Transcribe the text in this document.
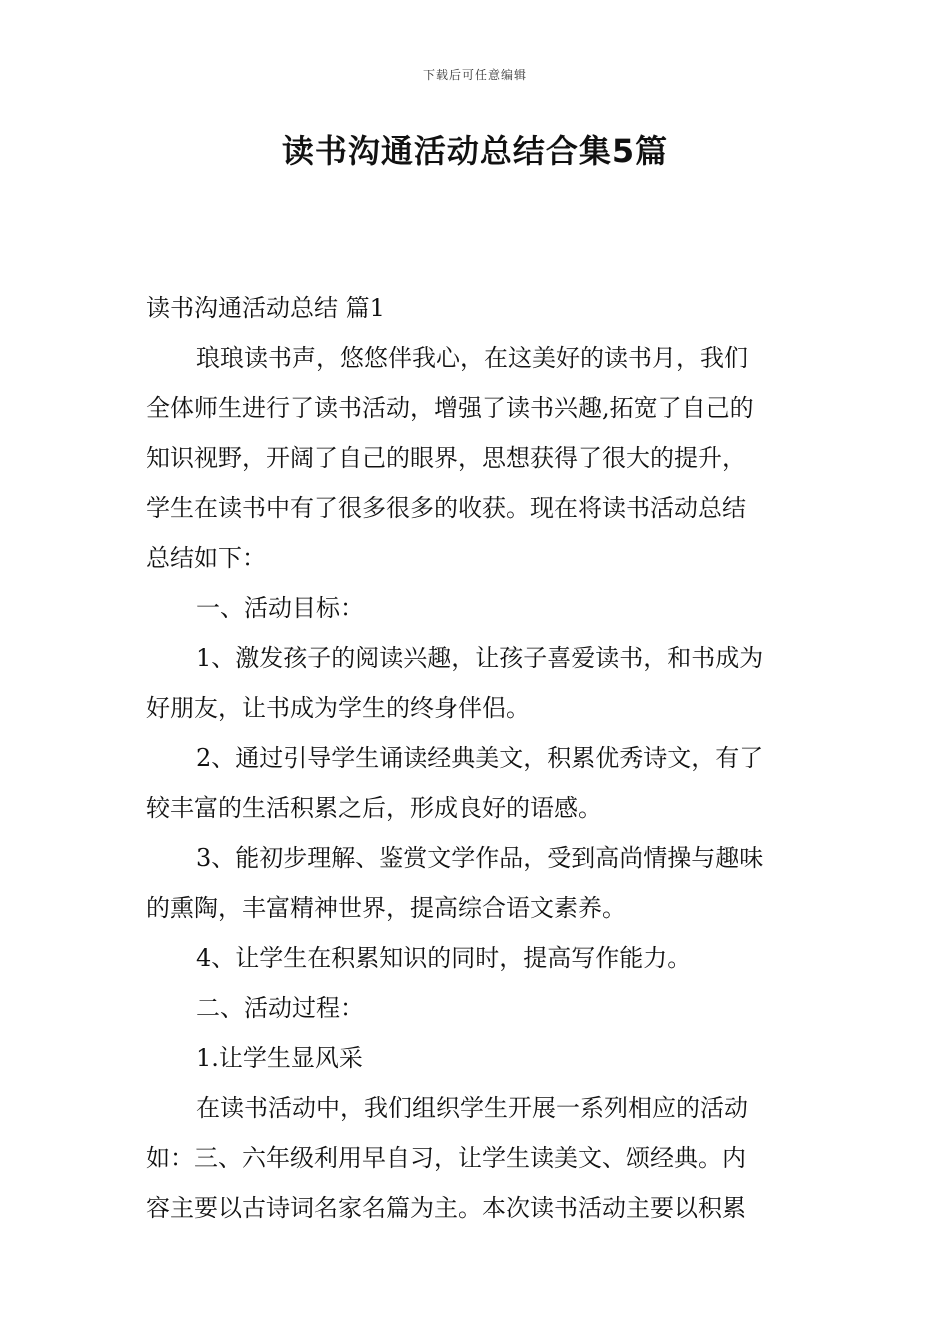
下载后可任意编辑
读书沟通活动总结合集5篇
读书沟通活动总结 篇1
琅琅读书声，悠悠伴我心，在这美好的读书月，我们
全体师生进行了读书活动，增强了读书兴趣,拓宽了自己的
知识视野，开阔了自己的眼界，思想获得了很大的提升，
学生在读书中有了很多很多的收获。现在将读书活动总结
总结如下：
一、活动目标：
1、激发孩子的阅读兴趣，让孩子喜爱读书，和书成为
好朋友，让书成为学生的终身伴侣。
2、通过引导学生诵读经典美文，积累优秀诗文，有了
较丰富的生活积累之后，形成良好的语感。
3、能初步理解、鉴赏文学作品，受到高尚情操与趣味
的熏陶，丰富精神世界，提高综合语文素养。
4、让学生在积累知识的同时，提高写作能力。
二、活动过程：
1.让学生显风采
在读书活动中，我们组织学生开展一系列相应的活动
如：三、六年级利用早自习，让学生读美文、颂经典。内
容主要以古诗词名家名篇为主。本次读书活动主要以积累
